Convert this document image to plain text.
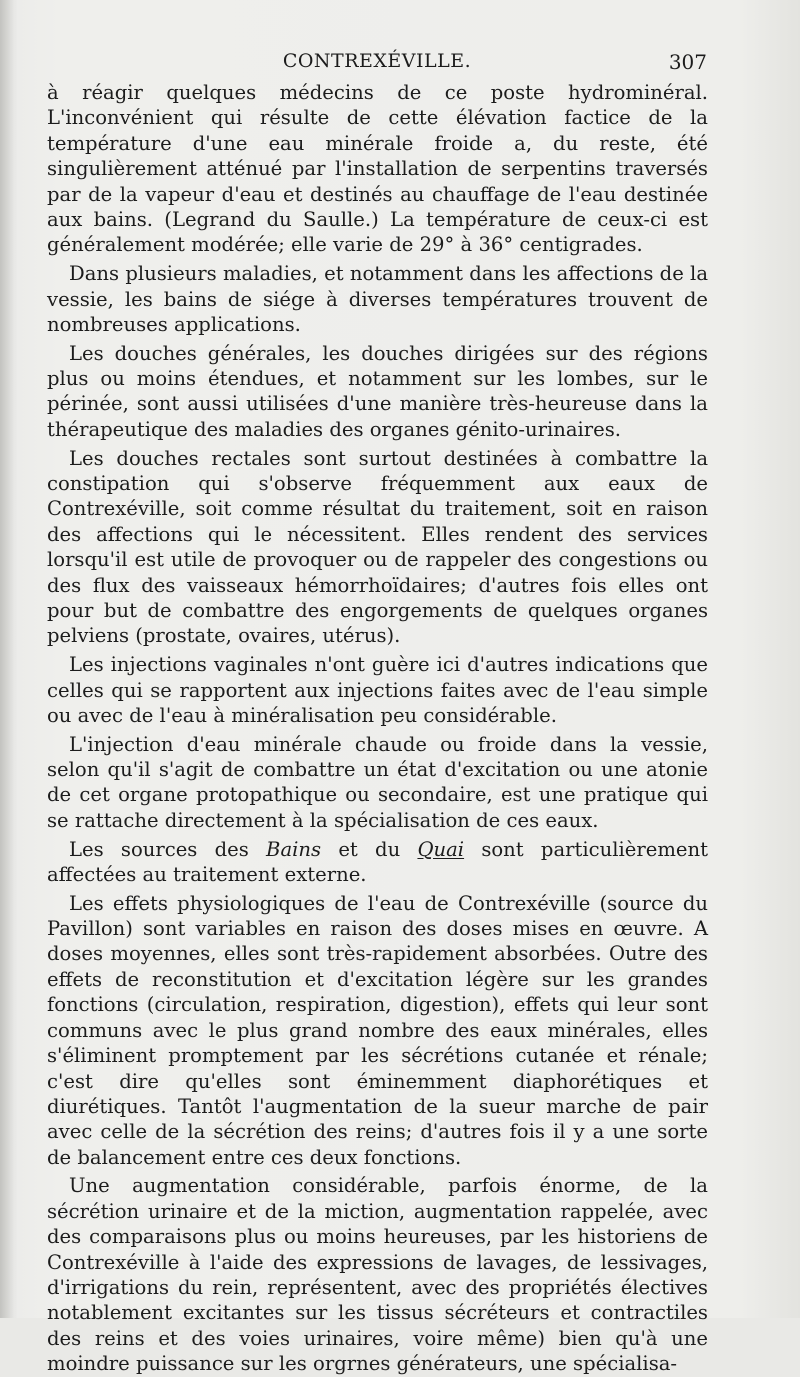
CONTREXÉVILLE.	307

à réagir quelques médecins de ce poste hydrominéral. L'inconvénient qui résulte de cette élévation factice de la température d'une eau minérale froide a, du reste, été singulièrement atténué par l'installation de serpentins traversés par de la vapeur d'eau et destinés au chauffage de l'eau destinée aux bains. (Legrand du Saulle.) La température de ceux-ci est généralement modérée; elle varie de 29° à 36° centigrades.

Dans plusieurs maladies, et notamment dans les affections de la vessie, les bains de siége à diverses températures trouvent de nombreuses applications.

Les douches générales, les douches dirigées sur des régions plus ou moins étendues, et notamment sur les lombes, sur le périnée, sont aussi utilisées d'une manière très-heureuse dans la thérapeutique des maladies des organes génito-urinaires.

Les douches rectales sont surtout destinées à combattre la constipation qui s'observe fréquemment aux eaux de Contrexéville, soit comme résultat du traitement, soit en raison des affections qui le nécessitent. Elles rendent des services lorsqu'il est utile de provoquer ou de rappeler des congestions ou des flux des vaisseaux hémorrhoïdaires; d'autres fois elles ont pour but de combattre des engorgements de quelques organes pelviens (prostate, ovaires, utérus).

Les injections vaginales n'ont guère ici d'autres indications que celles qui se rapportent aux injections faites avec de l'eau simple ou avec de l'eau à minéralisation peu considérable.

L'injection d'eau minérale chaude ou froide dans la vessie, selon qu'il s'agit de combattre un état d'excitation ou une atonie de cet organe protopathique ou secondaire, est une pratique qui se rattache directement à la spécialisation de ces eaux.

Les sources des Bains et du Quai sont particulièrement affectées au traitement externe.

Les effets physiologiques de l'eau de Contrexéville (source du Pavillon) sont variables en raison des doses mises en œuvre. A doses moyennes, elles sont très-rapidement absorbées. Outre des effets de reconstitution et d'excitation légère sur les grandes fonctions (circulation, respiration, digestion), effets qui leur sont communs avec le plus grand nombre des eaux minérales, elles s'éliminent promptement par les sécrétions cutanée et rénale; c'est dire qu'elles sont éminemment diaphorétiques et diurétiques. Tantôt l'augmentation de la sueur marche de pair avec celle de la sécrétion des reins; d'autres fois il y a une sorte de balancement entre ces deux fonctions.

Une augmentation considérable, parfois énorme, de la sécrétion urinaire et de la miction, augmentation rappelée, avec des comparaisons plus ou moins heureuses, par les historiens de Contrexéville à l'aide des expressions de lavages, de lessivages, d'irrigations du rein, représentent, avec des propriétés électives notablement excitantes sur les tissus sécréteurs et contractiles des reins et des voies urinaires, voire même) bien qu'à une moindre puissance sur les orgrnes générateurs, une spécialisa-
